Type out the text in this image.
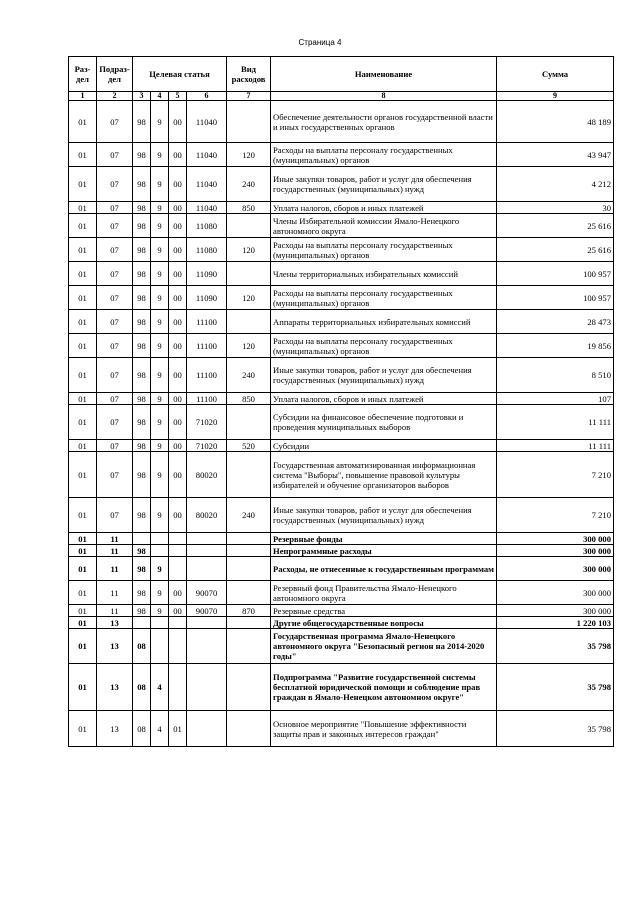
Страница 4
Раз-дел	Подраз-дел	Целевая статья				Вид расходов	Наименование	Сумма
1	2	3	4	5	6	7	8	9
01	07	98	9	00	11040		Обеспечение деятельности органов государственной власти и иных государственных органов	48 189
01	07	98	9	00	11040	120	Расходы на выплаты персоналу государственных (муниципальных) органов	43 947
01	07	98	9	00	11040	240	Иные закупки товаров, работ и услуг для обеспечения государственных (муниципальных) нужд	4 212
01	07	98	9	00	11040	850	Уплата налогов, сборов и иных платежей	30
01	07	98	9	00	11080		Члены Избирательной комиссии Ямало-Ненецкого автономного округа	25 616
01	07	98	9	00	11080	120	Расходы на выплаты персоналу государственных (муниципальных) органов	25 616
01	07	98	9	00	11090		Члены территориальных избирательных комиссий	100 957
01	07	98	9	00	11090	120	Расходы на выплаты персоналу государственных (муниципальных) органов	100 957
01	07	98	9	00	11100		Аппараты территориальных избирательных комиссий	28 473
01	07	98	9	00	11100	120	Расходы на выплаты персоналу государственных (муниципальных) органов	19 856
01	07	98	9	00	11100	240	Иные закупки товаров, работ и услуг для обеспечения государственных (муниципальных) нужд	8 510
01	07	98	9	00	11100	850	Уплата налогов, сборов и иных платежей	107
01	07	98	9	00	71020		Субсидии на финансовое обеспечение подготовки и проведения муниципальных выборов	11 111
01	07	98	9	00	71020	520	Субсидии	11 111
01	07	98	9	00	80020		Государственная автоматизированная информационная система "Выборы", повышение правовой культуры избирателей и обучение организаторов выборов	7 210
01	07	98	9	00	80020	240	Иные закупки товаров, работ и услуг для обеспечения государственных (муниципальных) нужд	7 210
01	11						Резервные фонды	300 000
01	11	98					Непрограммные расходы	300 000
01	11	98	9				Расходы, не отнесенные к государственным программам	300 000
01	11	98	9	00	90070		Резервный фонд Правительства Ямало-Ненецкого автономного округа	300 000
01	11	98	9	00	90070	870	Резервные средства	300 000
01	13						Другие общегосударственные вопросы	1 220 103
01	13	08					Государственная программа Ямало-Ненецкого автономного округа "Безопасный регион на 2014-2020 годы"	35 798
01	13	08	4				Подпрограмма "Развитие государственной системы бесплатной юридической помощи и соблюдение прав граждан в Ямало-Ненецком автономном округе"	35 798
01	13	08	4	01			Основное мероприятие "Повышение эффективности защиты прав и законных интересов граждан"	35 798
